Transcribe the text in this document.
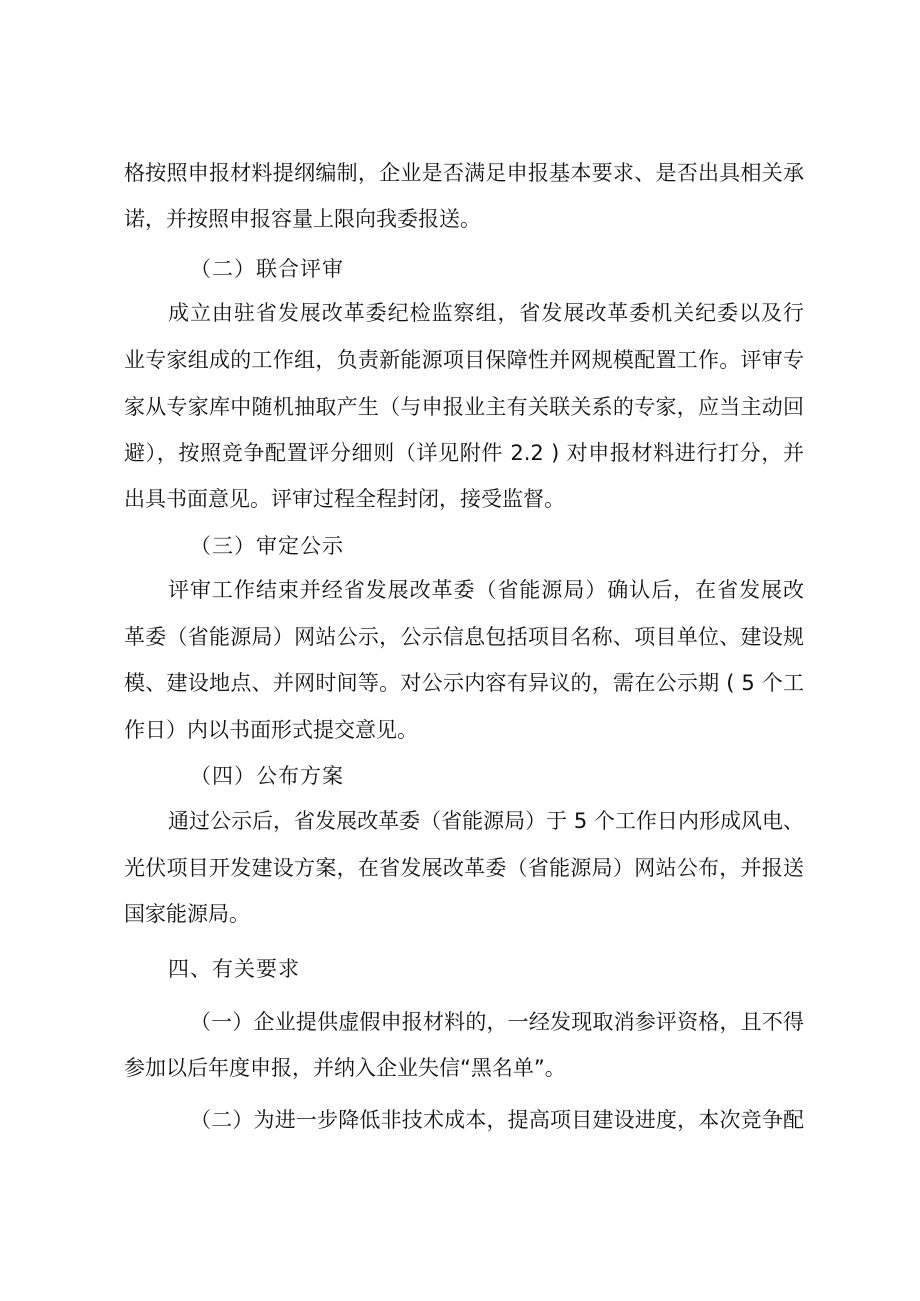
格按照申报材料提纲编制，企业是否满足申报基本要求、是否出具相关承
诺，并按照申报容量上限向我委报送。
（二）联合评审
成立由驻省发展改革委纪检监察组，省发展改革委机关纪委以及行
业专家组成的工作组，负责新能源项目保障性并网规模配置工作。评审专
家从专家库中随机抽取产生（与申报业主有关联关系的专家，应当主动回
避），按照竞争配置评分细则（详见附件 2.2 ) 对申报材料进行打分，并
出具书面意见。评审过程全程封闭，接受监督。
（三）审定公示
评审工作结束并经省发展改革委（省能源局）确认后，在省发展改
革委（省能源局）网站公示，公示信息包括项目名称、项目单位、建设规
模、建设地点、并网时间等。对公示内容有异议的，需在公示期 ( 5 个工
作日）内以书面形式提交意见。
（四）公布方案
通过公示后，省发展改革委（省能源局）于 5 个工作日内形成风电、
光伏项目开发建设方案，在省发展改革委（省能源局）网站公布，并报送
国家能源局。
四、有关要求
（一）企业提供虚假申报材料的，一经发现取消参评资格，且不得
参加以后年度申报，并纳入企业失信“黑名单”。
（二）为进一步降低非技术成本，提高项目建设进度，本次竞争配
